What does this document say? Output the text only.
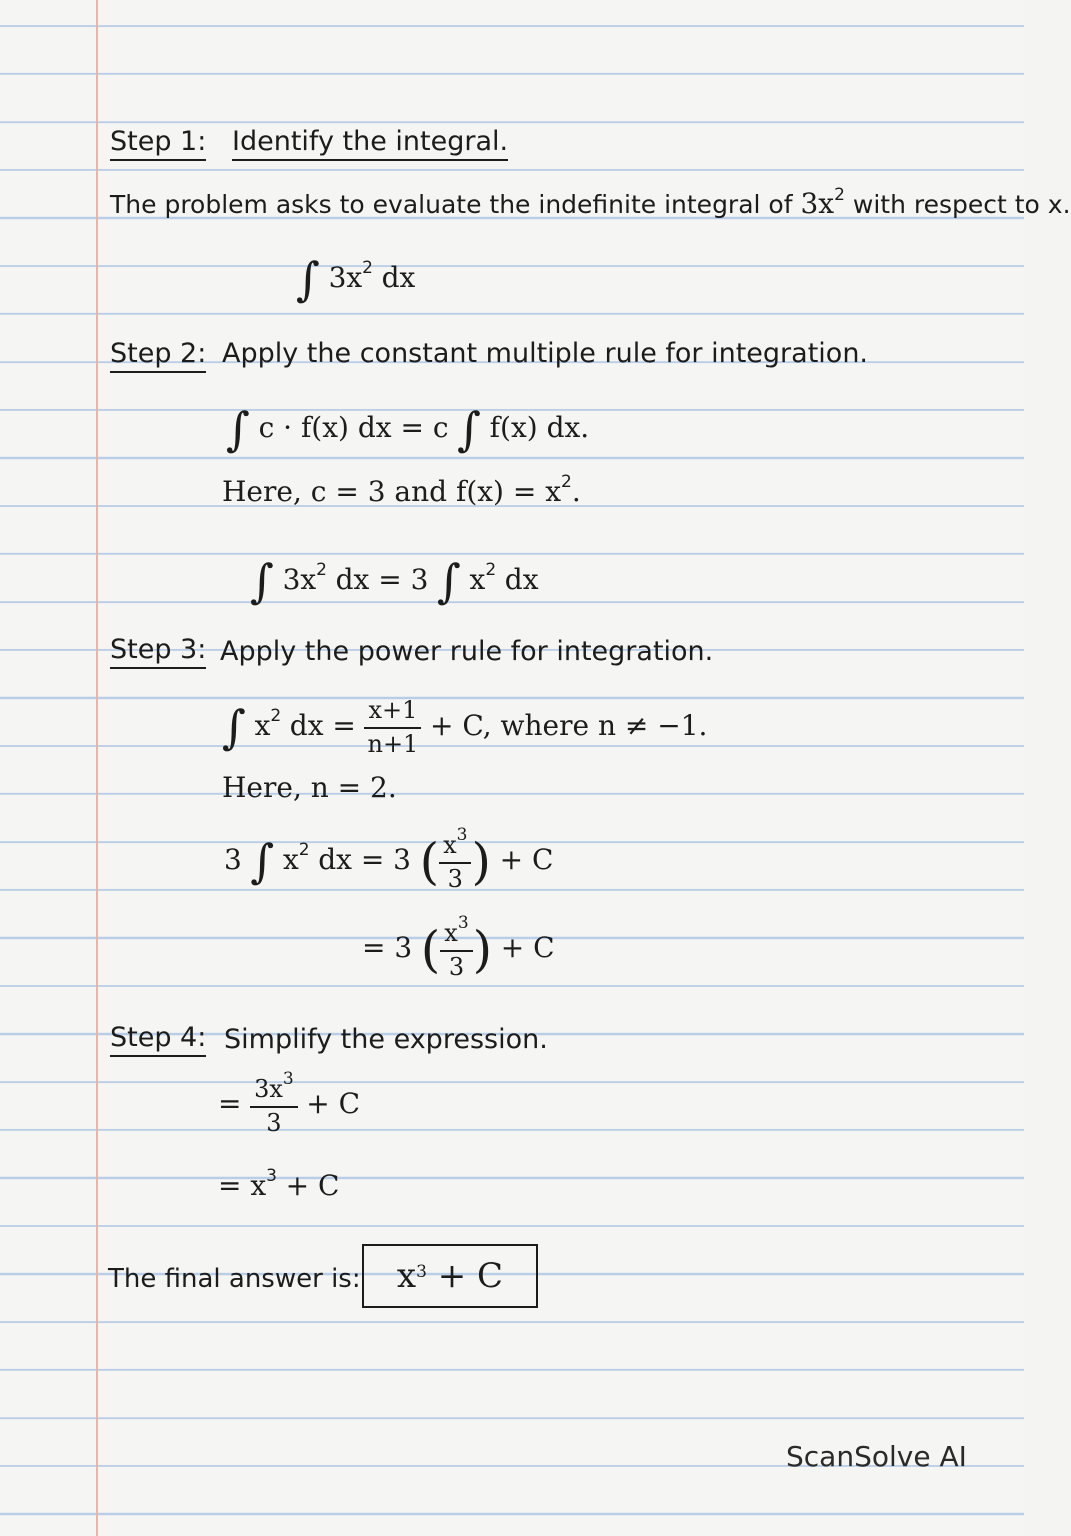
Step 1: Identify the integral.
The problem asks to evaluate the indefinite integral of $3x^2$ with respect to x.
∫ $3x^2$ dx
Step 2: Apply the constant multiple rule for integration.
∫ c · f(x) dx = c ∫ f(x) dx.
Here, c = 3 and $f(x) = x^2$.
∫ $3x^2$ dx = 3 ∫ $x^2$ dx
Step 3: Apply the power rule for integration.
∫ $x^2$ dx = $\frac{x+1}{n+1} + C$, where n ≠ −1.
Here, n = 2.
3 ∫ $x^2$ dx = 3 ( $\frac{x^3}{3}$ ) + C
= 3 ( $\frac{x^3}{3}$ ) + C
Step 4: Simplify the expression.
= $\frac{3x^3}{3} + C$
= $x^3 + C$
The final answer is: $x^3$
+ C
ScanSolve AI
